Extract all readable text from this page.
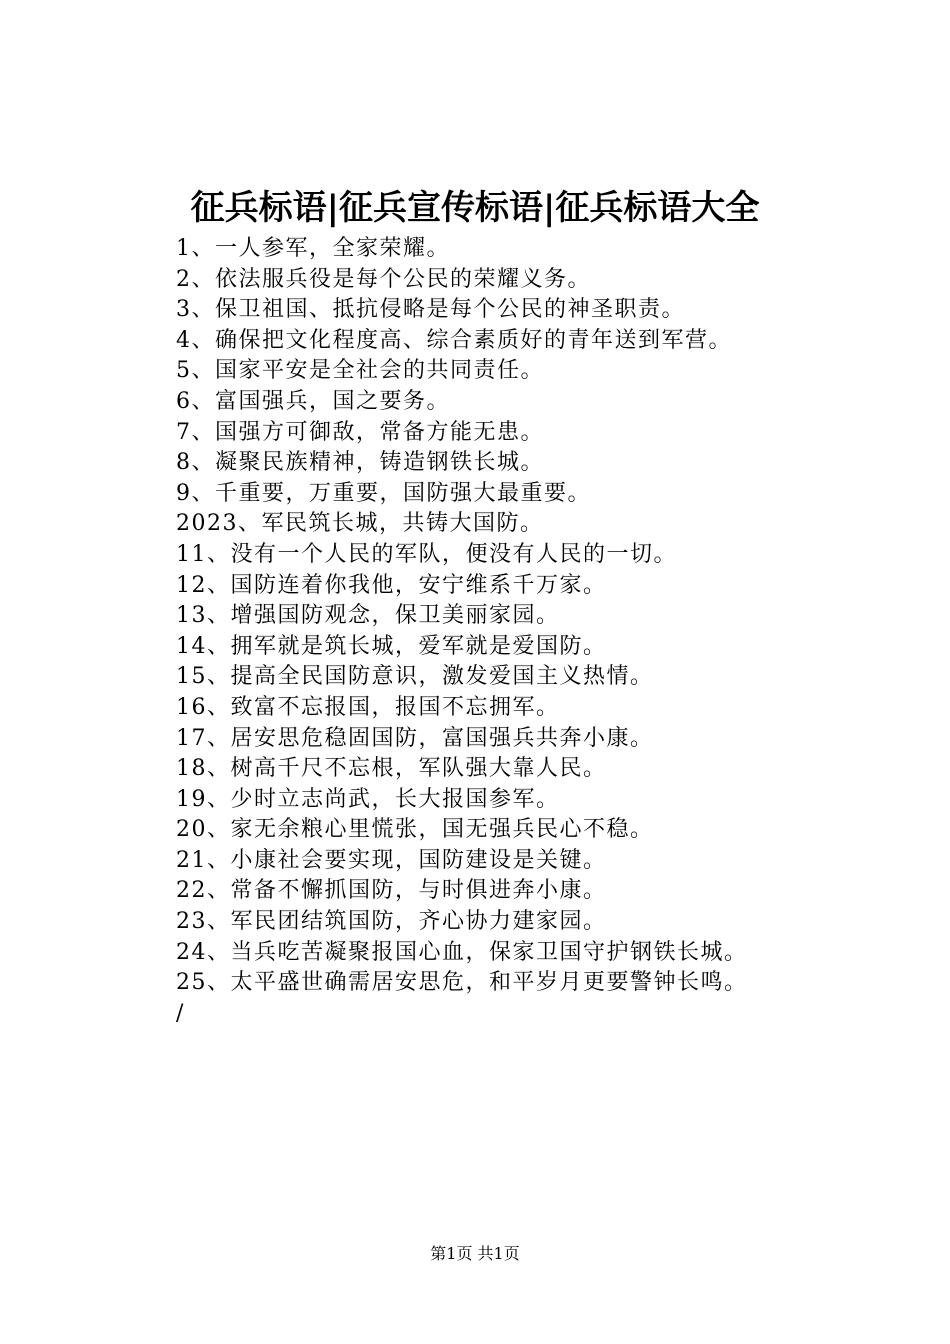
征兵标语|征兵宣传标语|征兵标语大全
1、一人参军，全家荣耀。
2、依法服兵役是每个公民的荣耀义务。
3、保卫祖国、抵抗侵略是每个公民的神圣职责。
4、确保把文化程度高、综合素质好的青年送到军营。
5、国家平安是全社会的共同责任。
6、富国强兵，国之要务。
7、国强方可御敌，常备方能无患。
8、凝聚民族精神，铸造钢铁长城。
9、千重要，万重要，国防强大最重要。
2023、军民筑长城，共铸大国防。
11、没有一个人民的军队，便没有人民的一切。
12、国防连着你我他，安宁维系千万家。
13、增强国防观念，保卫美丽家园。
14、拥军就是筑长城，爱军就是爱国防。
15、提高全民国防意识，激发爱国主义热情。
16、致富不忘报国，报国不忘拥军。
17、居安思危稳固国防，富国强兵共奔小康。
18、树高千尺不忘根，军队强大靠人民。
19、少时立志尚武，长大报国参军。
20、家无余粮心里慌张，国无强兵民心不稳。
21、小康社会要实现，国防建设是关键。
22、常备不懈抓国防，与时俱进奔小康。
23、军民团结筑国防，齐心协力建家园。
24、当兵吃苦凝聚报国心血，保家卫国守护钢铁长城。
25、太平盛世确需居安思危，和平岁月更要警钟长鸣。
/
第1页 共1页
